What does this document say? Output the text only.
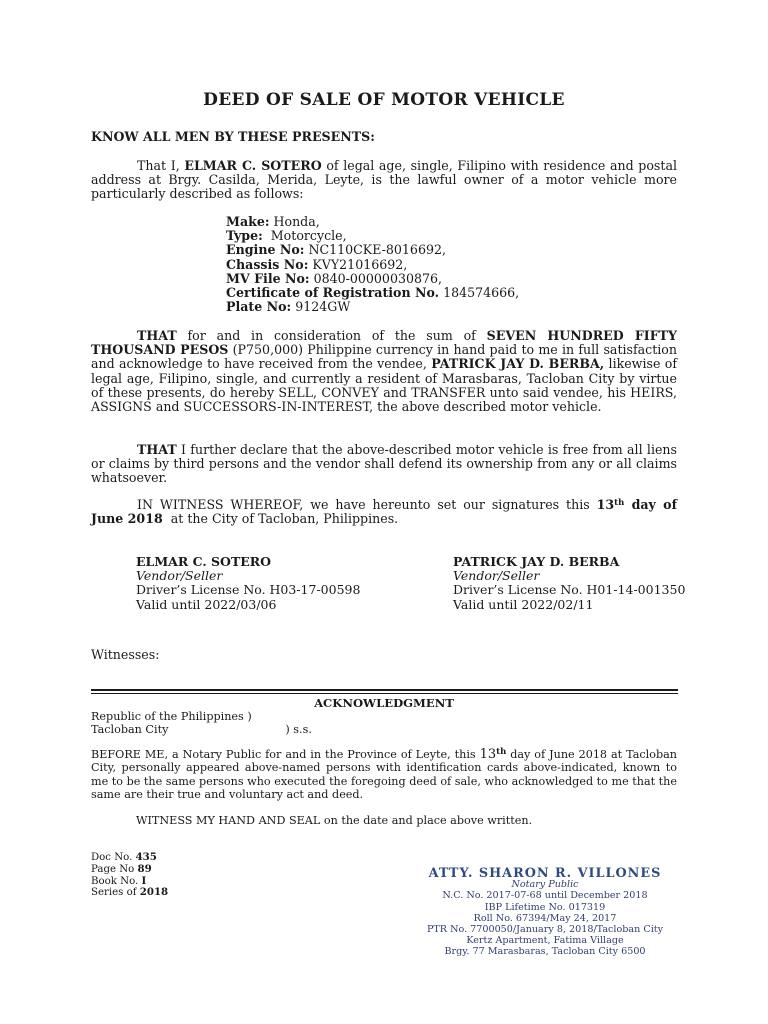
DEED OF SALE OF MOTOR VEHICLE
KNOW ALL MEN BY THESE PRESENTS:
That I, ELMAR C. SOTERO of legal age, single, Filipino with residence and postal address at Brgy. Casilda, Merida, Leyte, is the lawful owner of a motor vehicle more particularly described as follows:
Make: Honda,
Type:  Motorcycle,
Engine No: NC110CKE-8016692,
Chassis No: KVY21016692,
MV File No: 0840-00000030876,
Certificate of Registration No. 184574666,
Plate No: 9124GW
THAT for and in consideration of the sum of SEVEN HUNDRED FIFTY THOUSAND PESOS (P750,000) Philippine currency in hand paid to me in full satisfaction and acknowledge to have received from the vendee, PATRICK JAY D. BERBA, likewise of legal age, Filipino, single, and currently a resident of Marasbaras, Tacloban City by virtue of these presents, do hereby SELL, CONVEY and TRANSFER unto said vendee, his HEIRS, ASSIGNS and SUCCESSORS-IN-INTEREST, the above described motor vehicle.
THAT I further declare that the above-described motor vehicle is free from all liens or claims by third persons and the vendor shall defend its ownership from any or all claims whatsoever.
IN WITNESS WHEREOF, we have hereunto set our signatures this 13th day of June 2018  at the City of Tacloban, Philippines.
ELMAR C. SOTERO
Vendor/Seller
Driver’s License No. H03-17-00598
Valid until 2022/03/06
PATRICK JAY D. BERBA
Vendor/Seller
Driver’s License No. H01-14-001350
Valid until 2022/02/11
Witnesses:
ACKNOWLEDGMENT
Republic of the Philippines )
Tacloban City	) s.s.
BEFORE ME, a Notary Public for and in the Province of Leyte, this 13th day of June 2018 at Tacloban City, personally appeared above-named persons with identification cards above-indicated, known to me to be the same persons who executed the foregoing deed of sale, who acknowledged to me that the same are their true and voluntary act and deed.
WITNESS MY HAND AND SEAL on the date and place above written.
Doc No. 435
Page No 89
Book No. I
Series of 2018
ATTY. SHARON R. VILLONES
Notary Public
N.C. No. 2017-07-68 until December 2018
IBP Lifetime No. 017319
Roll No. 67394/May 24, 2017
PTR No. 7700050/January 8, 2018/Tacloban City
Kertz Apartment, Fatima Village
Brgy. 77 Marasbaras, Tacloban City 6500
